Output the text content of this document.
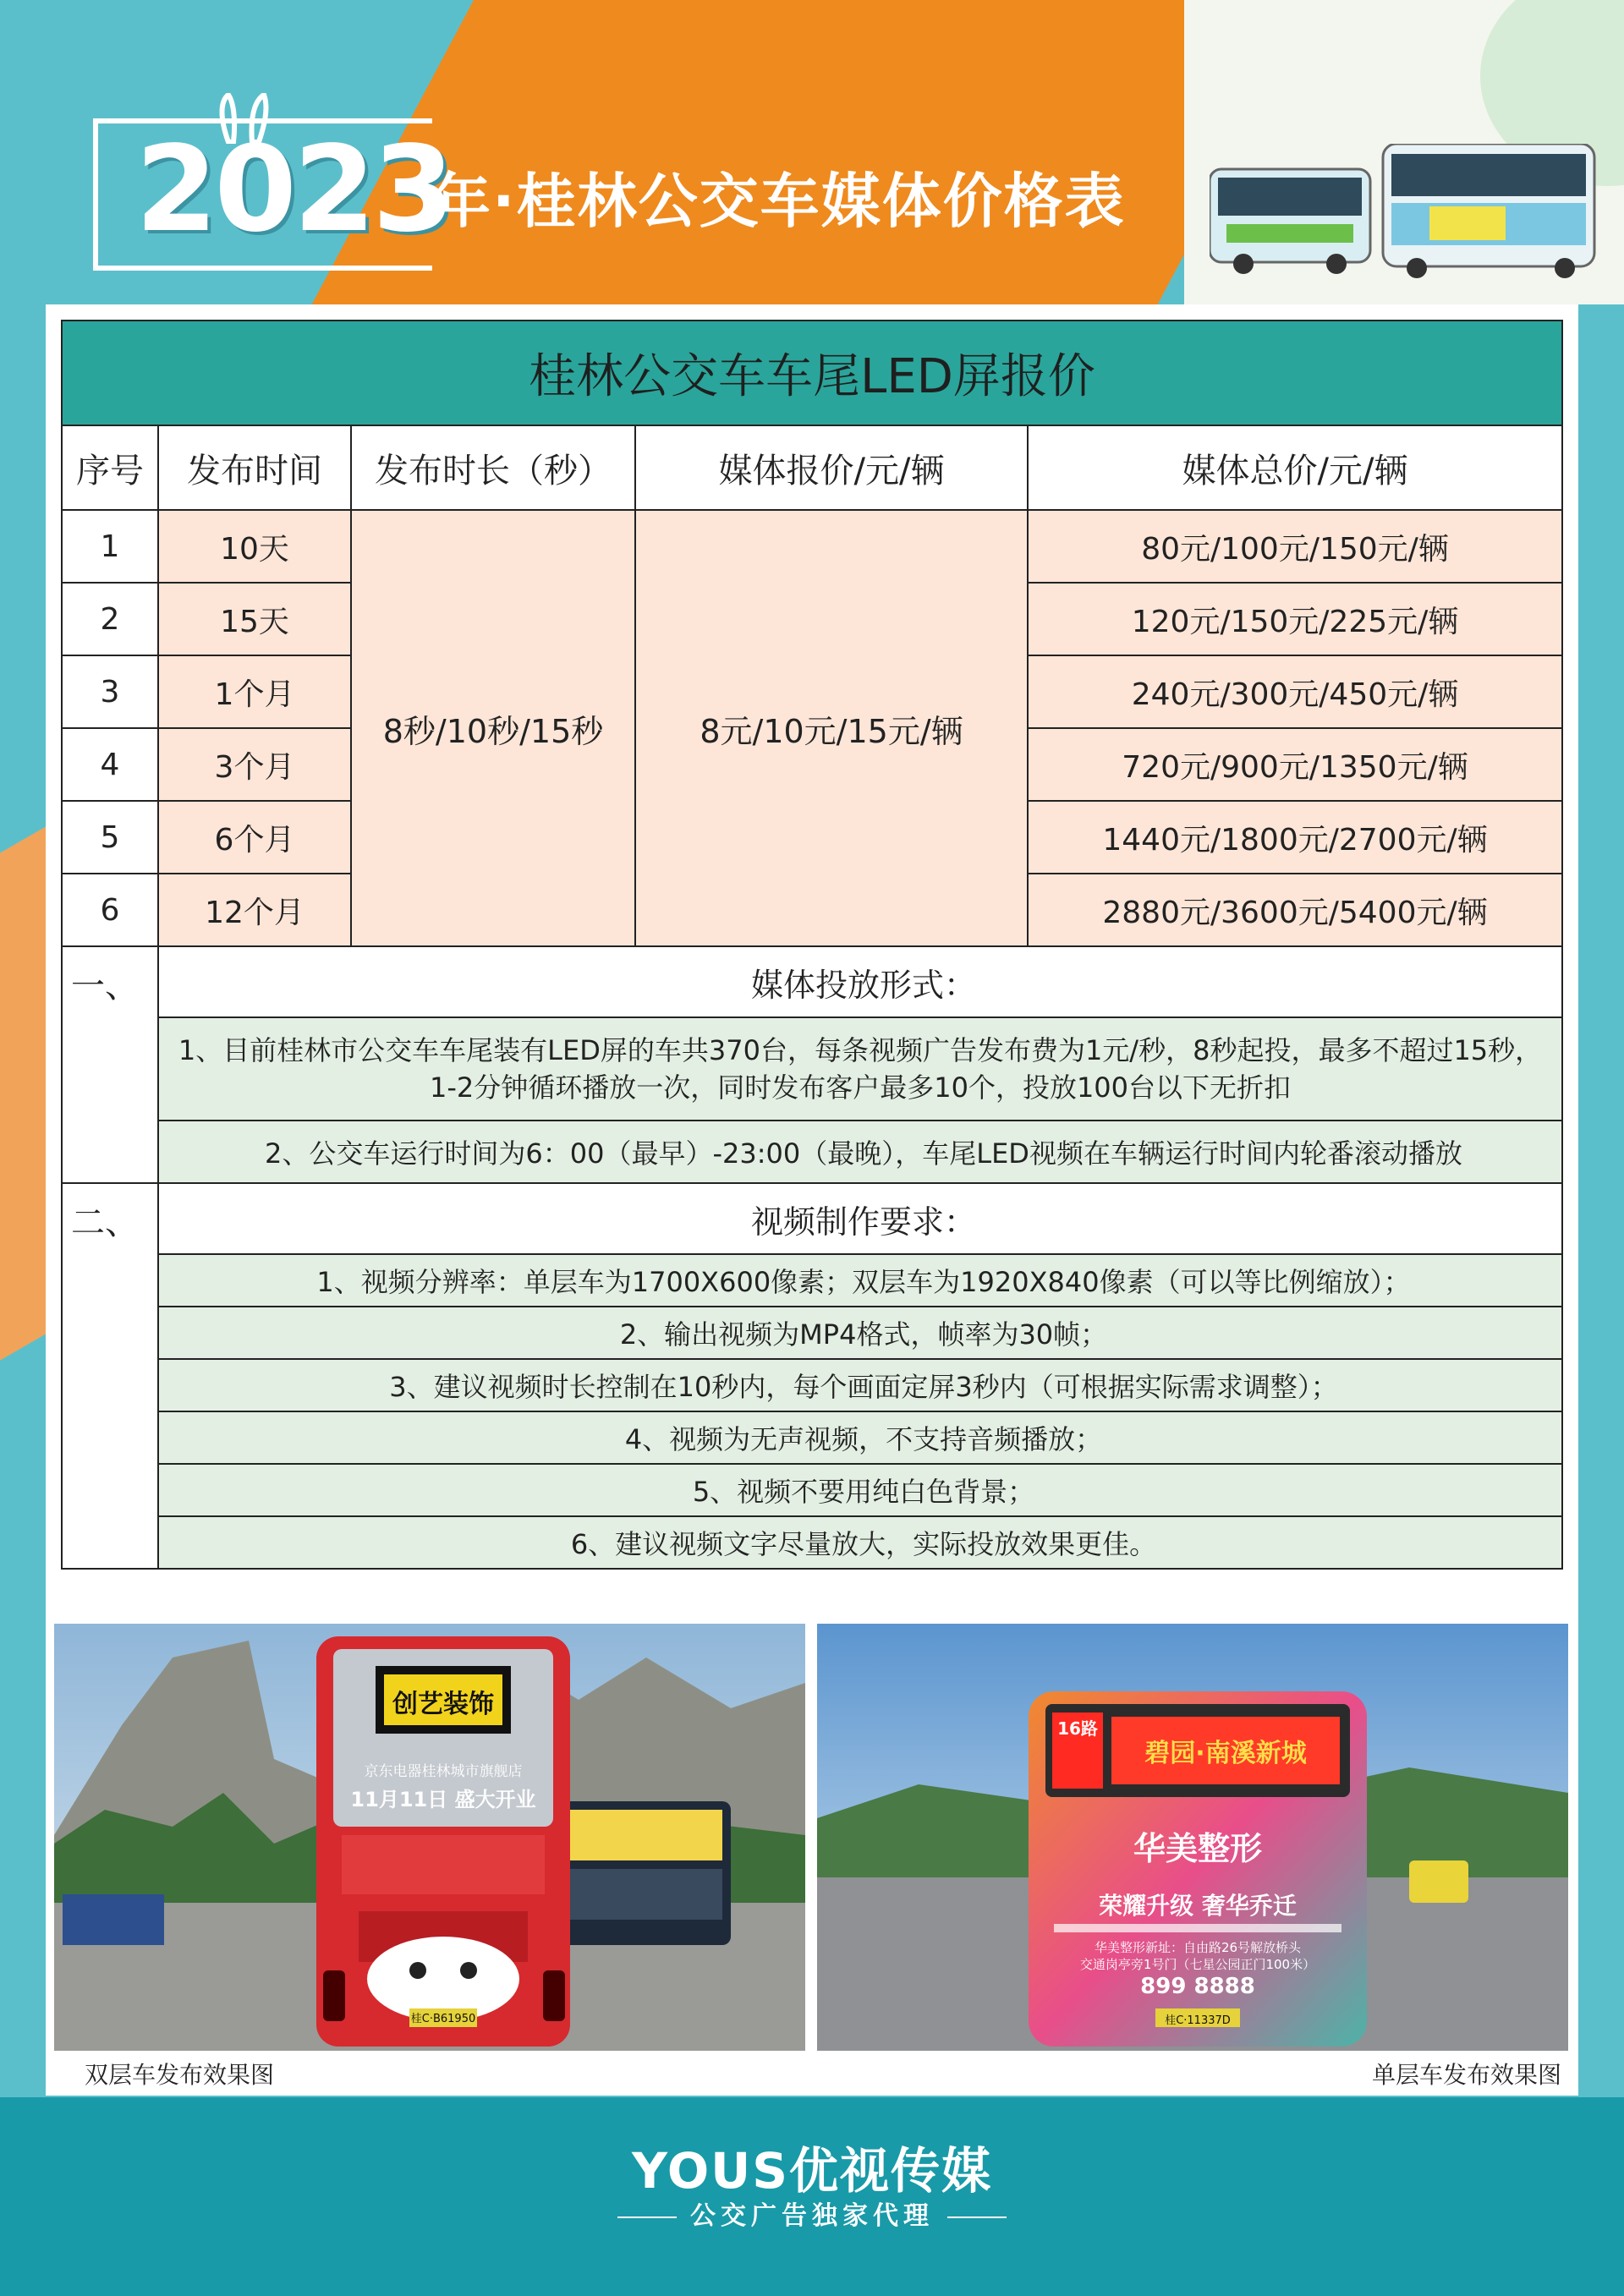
2023
年·桂林公交车媒体价格表
桂林公交车车尾LED屏报价				
序号	发布时间	发布时长（秒）	媒体报价/元/辆	媒体总价/元/辆
1	10天	8秒/10秒/15秒	8元/10元/15元/辆	80元/100元/150元/辆
2	15天			120元/150元/225元/辆
3	1个月			240元/300元/450元/辆
4	3个月			720元/900元/1350元/辆
5	6个月			1440元/1800元/2700元/辆
6	12个月			2880元/3600元/5400元/辆
一、	媒体投放形式：			
	1、目前桂林市公交车车尾装有LED屏的车共370台，每条视频广告发布费为1元/秒，8秒起投，最多不超过15秒，1-2分钟循环播放一次，同时发布客户最多10个，投放100台以下无折扣			
	2、公交车运行时间为6：00（最早）-23:00（最晚），车尾LED视频在车辆运行时间内轮番滚动播放			
二、	视频制作要求：			
	1、视频分辨率：单层车为1700X600像素；双层车为1920X840像素（可以等比例缩放）；			
	2、输出视频为MP4格式，帧率为30帧；			
	3、建议视频时长控制在10秒内，每个画面定屏3秒内（可根据实际需求调整）；			
	4、视频为无声视频，不支持音频播放；			
	5、视频不要用纯白色背景；			
	6、建议视频文字尽量放大，实际投放效果更佳。			
创艺装饰
京东电器桂林城市旗舰店
11月11日 盛大开业
桂C·B61950
16路
碧园·南溪新城
华美整形
荣耀升级 奢华乔迁
华美整形新址：自由路26号解放桥头
交通岗亭旁1号门（七星公园正门100米）
899 8888
桂C·11337D
双层车发布效果图	单层车发布效果图
YOUS优视传媒
公交广告独家代理
